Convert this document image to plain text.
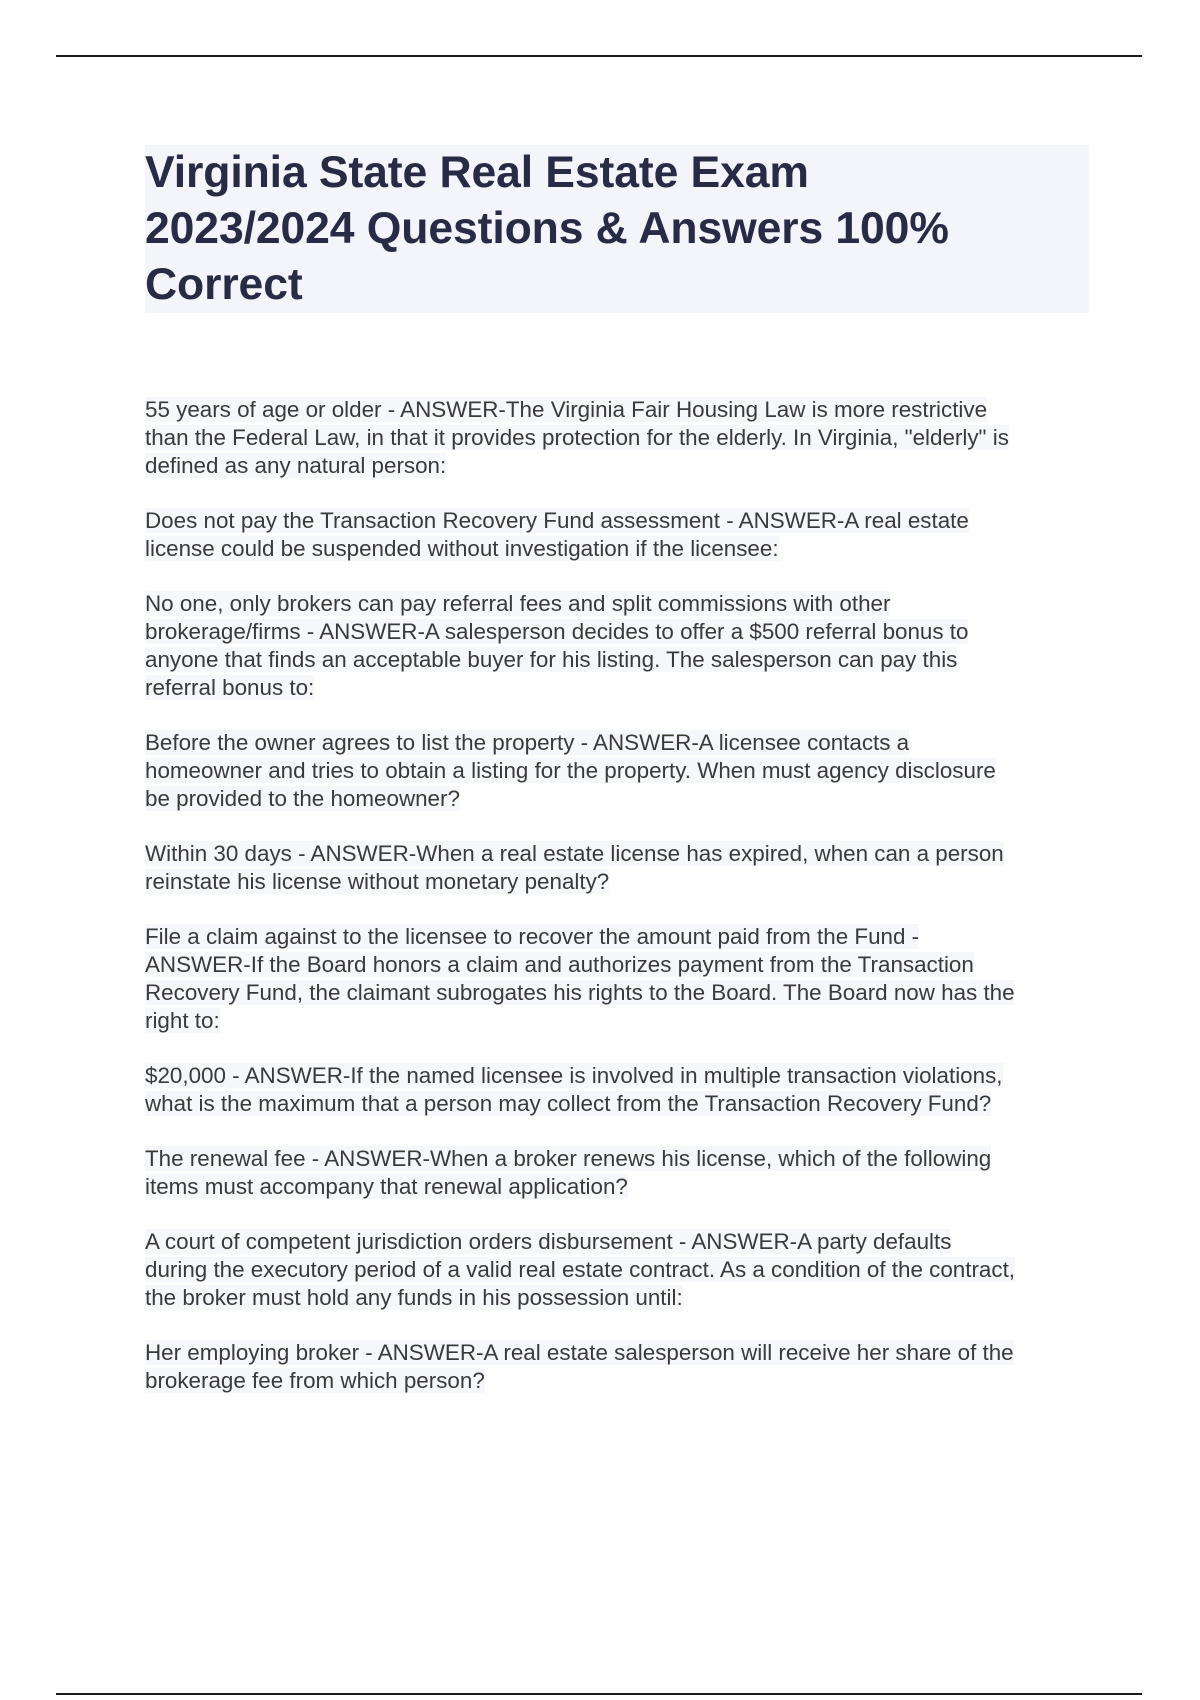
Virginia State Real Estate Exam
2023/2024 Questions & Answers 100%
Correct

55 years of age or older - ANSWER-The Virginia Fair Housing Law is more restrictive
than the Federal Law, in that it provides protection for the elderly. In Virginia, "elderly" is
defined as any natural person:

Does not pay the Transaction Recovery Fund assessment - ANSWER-A real estate
license could be suspended without investigation if the licensee:

No one, only brokers can pay referral fees and split commissions with other
brokerage/firms - ANSWER-A salesperson decides to offer a $500 referral bonus to
anyone that finds an acceptable buyer for his listing. The salesperson can pay this
referral bonus to:

Before the owner agrees to list the property - ANSWER-A licensee contacts a
homeowner and tries to obtain a listing for the property. When must agency disclosure
be provided to the homeowner?

Within 30 days - ANSWER-When a real estate license has expired, when can a person
reinstate his license without monetary penalty?

File a claim against to the licensee to recover the amount paid from the Fund -
ANSWER-If the Board honors a claim and authorizes payment from the Transaction
Recovery Fund, the claimant subrogates his rights to the Board. The Board now has the
right to:

$20,000 - ANSWER-If the named licensee is involved in multiple transaction violations,
what is the maximum that a person may collect from the Transaction Recovery Fund?

The renewal fee - ANSWER-When a broker renews his license, which of the following
items must accompany that renewal application?

A court of competent jurisdiction orders disbursement - ANSWER-A party defaults
during the executory period of a valid real estate contract. As a condition of the contract,
the broker must hold any funds in his possession until:

Her employing broker - ANSWER-A real estate salesperson will receive her share of the
brokerage fee from which person?
